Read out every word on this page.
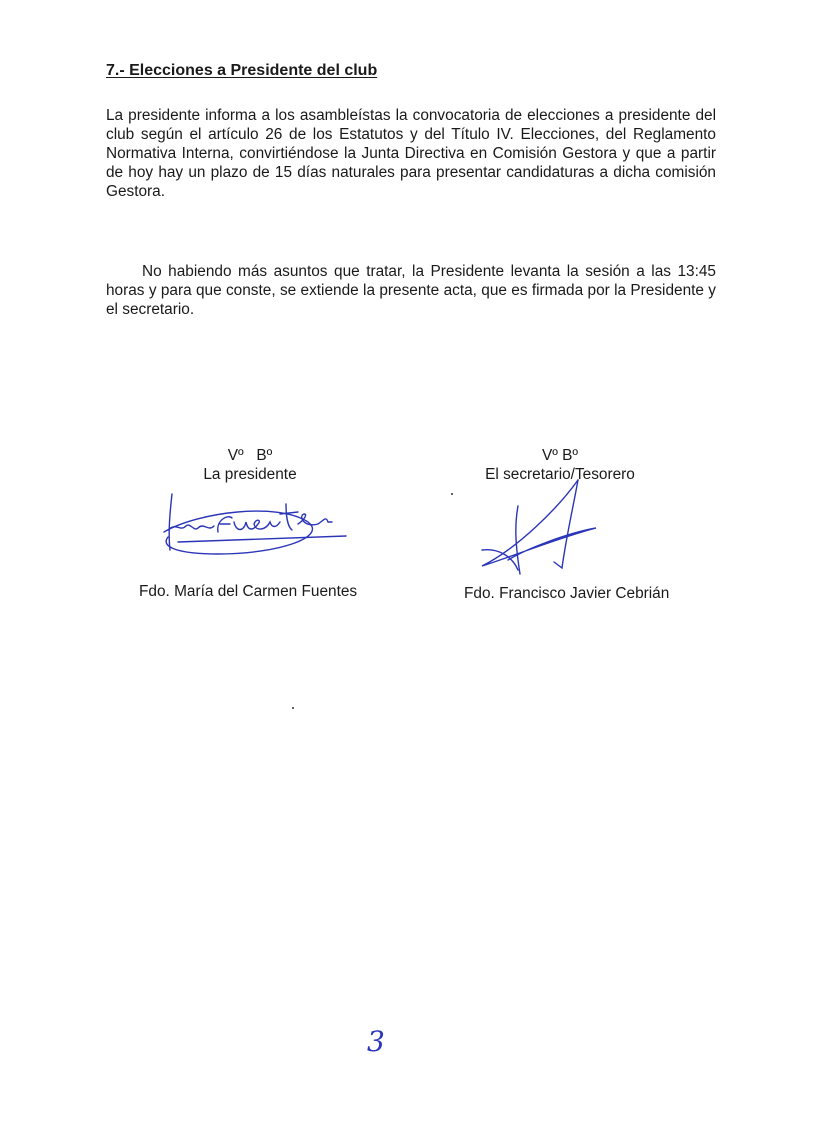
7.- Elecciones a Presidente del club

La presidente informa a los asambleístas la convocatoria de elecciones a presidente del club según el artículo 26 de los Estatutos y del Título IV. Elecciones, del Reglamento Normativa Interna, convirtiéndose la Junta Directiva en Comisión Gestora y que a partir de hoy hay un plazo de 15 días naturales para presentar candidaturas a dicha comisión Gestora.

No habiendo más asuntos que tratar, la Presidente levanta la sesión a las 13:45 horas y para que conste, se extiende la presente acta, que es firmada por la Presidente y el secretario.

Vº   Bº
La presidente
Vº Bº
El secretario/Tesorero
Fdo. María del Carmen Fuentes	Fdo. Francisco Javier Cebrián
3
